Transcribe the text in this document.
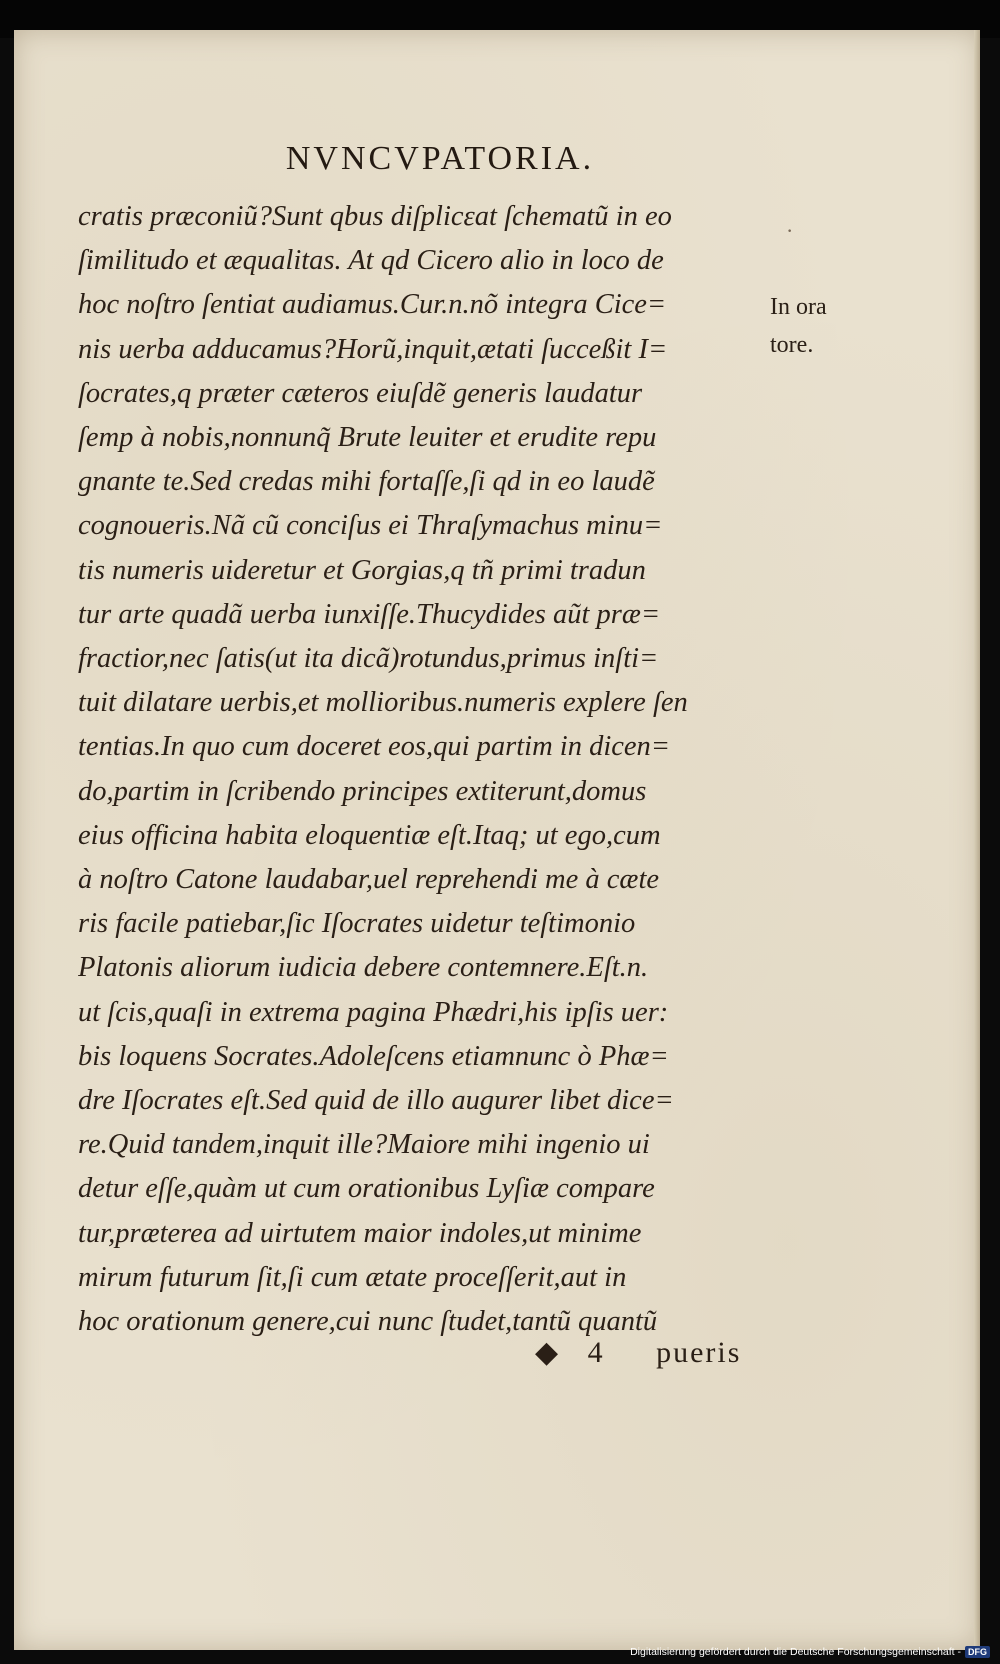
NVNCVPATORIA.
·
cratis præconiũ?Sunt qbus diſplicεat ſchematũ in eo
ſimilitudo et æqualitas. At qd Cicero alio in loco de
hoc noſtro ſentiat audiamus.Cur.n.nõ integra Cice=
nis uerba adducamus?Horũ,inquit,ætati ſucceßit I=
ſocrates,q præter cæteros eiuſdẽ generis laudatur
ſemp à nobis,nonnunq̃ Brute leuiter et erudite repu
gnante te.Sed credas mihi fortaſſe,ſi qd in eo laudẽ
cognoueris.Nã cũ conciſus ei Thraſymachus minu=
tis numeris uideretur et Gorgias,q tñ primi tradun
tur arte quadã uerba iunxiſſe.Thucydides aũt præ=
fractior,nec ſatis(ut ita dicã)rotundus,primus inſti=
tuit dilatare uerbis,et mollioribus.numeris explere ſen
tentias.In quo cum doceret eos,qui partim in dicen=
do,partim in ſcribendo principes extiterunt,domus
eius officina habita eloquentiæ eſt.Itaq; ut ego,cum
à noſtro Catone laudabar,uel reprehendi me à cæte
ris facile patiebar,ſic Iſocrates uidetur teſtimonio
Platonis aliorum iudicia debere contemnere.Eſt.n.
ut ſcis,quaſi in extrema pagina Phædri,his ipſis uer:
bis loquens Socrates.Adoleſcens etiamnunc ò Phæ=
dre Iſocrates eſt.Sed quid de illo augurer libet dice=
re.Quid tandem,inquit ille?Maiore mihi ingenio ui
detur eſſe,quàm ut cum orationibus Lyſiæ compare
tur,præterea ad uirtutem maior indoles,ut minime
mirum futurum ſit,ſi cum ætate proceſſerit,aut in
hoc orationum genere,cui nunc ſtudet,tantũ quantũ
In ora
tore.
◆ 4 pueris
Digitalisierung gefördert durch die Deutsche Forschungsgemeinschaft - DFG
